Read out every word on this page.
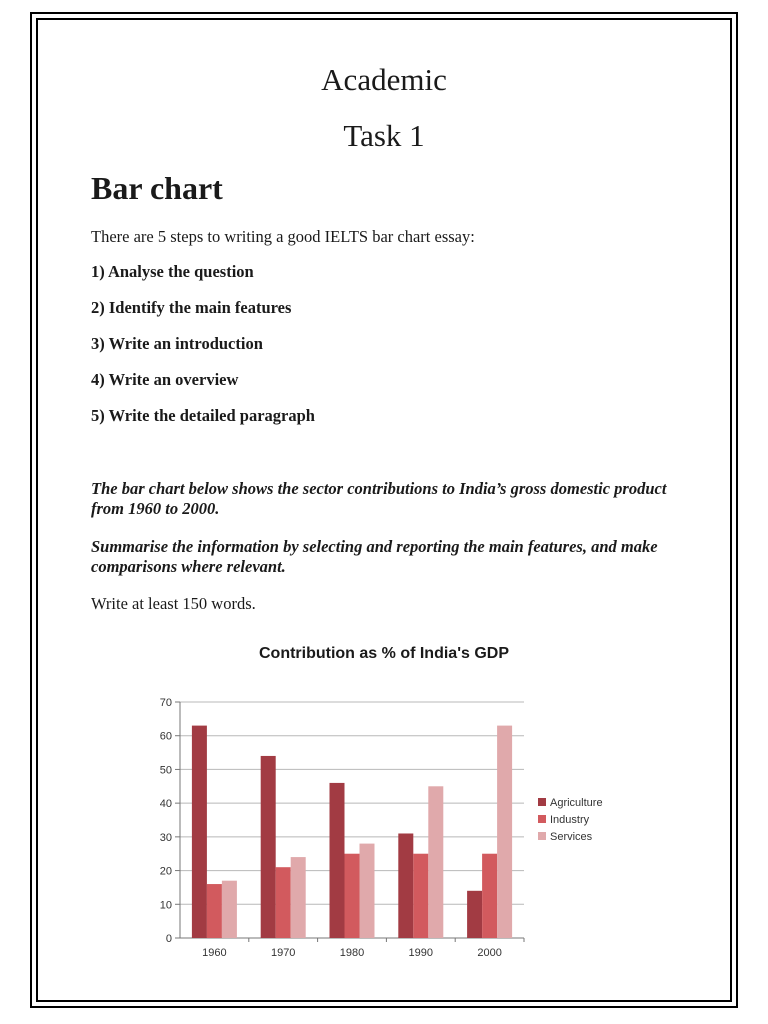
Academic
Task 1
Bar chart
There are 5 steps to writing a good IELTS bar chart essay:
1) Analyse the question
2) Identify the main features
3) Write an introduction
4) Write an overview
5) Write the detailed paragraph

The bar chart below shows the sector contributions to India’s gross domestic product from 1960 to 2000.

Summarise the information by selecting and reporting the main features, and make comparisons where relevant.

Write at least 150 words.
Contribution as % of India's GDP
0
10
20
30
40
50
60
70
1960	1970	1980	1990	2000
Agriculture
Industry
Services
